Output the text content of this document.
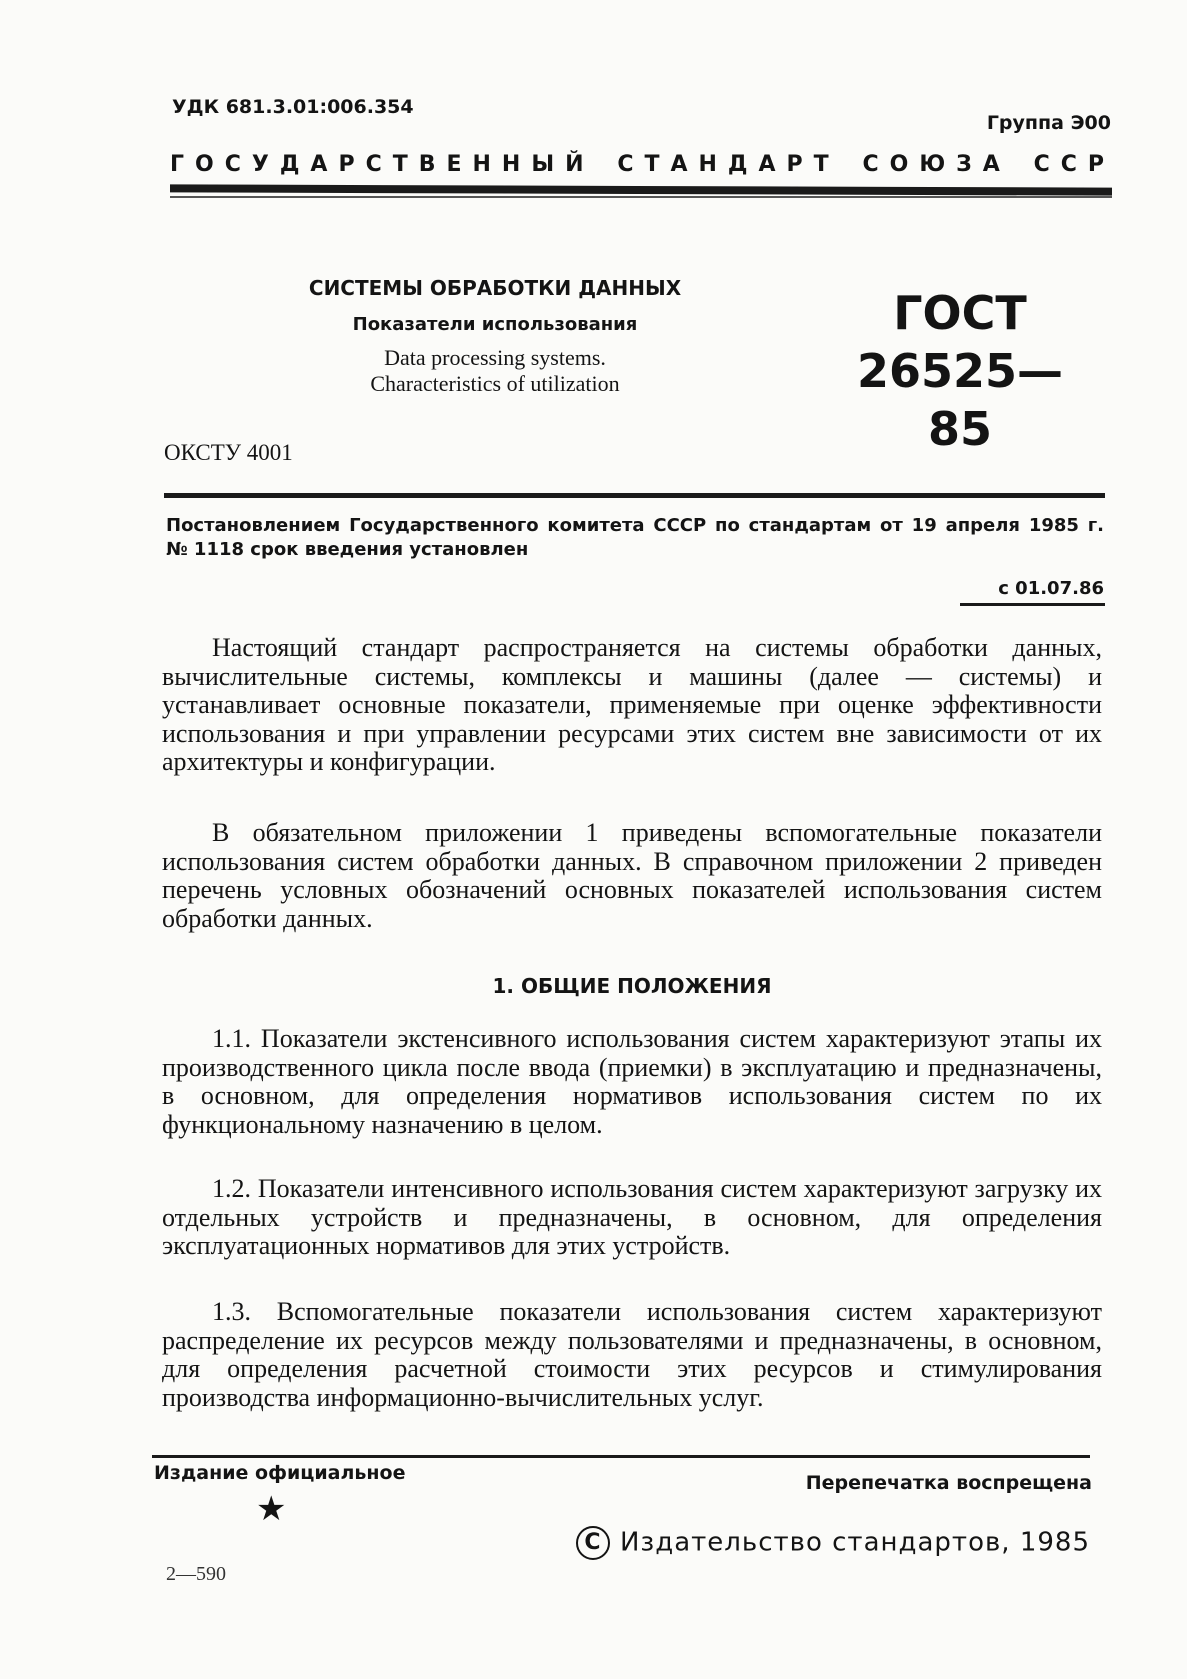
УДК 681.3.01:006.354
Группа Э00
ГОСУДАРСТВЕННЫЙ СТАНДАРТ СОЮЗА ССР
СИСТЕМЫ ОБРАБОТКИ ДАННЫХ
Показатели использования
Data processing systems.
Characteristics of utilization
ГОСТ
26525—85
ОКСТУ 4001
Постановлением Государственного комитета СССР по стандартам от 19 апреля 1985 г. № 1118 срок введения установлен
с 01.07.86

Настоящий стандарт распространяется на системы обработки данных, вычислительные системы, комплексы и машины (далее — системы) и устанавливает основные показатели, применяемые при оценке эффективности использования и при управлении ресурсами этих систем вне зависимости от их архитектуры и конфигурации.

В обязательном приложении 1 приведены вспомогательные показатели использования систем обработки данных. В справочном приложении 2 приведен перечень условных обозначений основных показателей использования систем обработки данных.

1. ОБЩИЕ ПОЛОЖЕНИЯ

1.1. Показатели экстенсивного использования систем характеризуют этапы их производственного цикла после ввода (приемки) в эксплуатацию и предназначены, в основном, для определения нормативов использования систем по их функциональному назначению в целом.

1.2. Показатели интенсивного использования систем характеризуют загрузку их отдельных устройств и предназначены, в основном, для определения эксплуатационных нормативов для этих устройств.

1.3. Вспомогательные показатели использования систем характеризуют распределение их ресурсов между пользователями и предназначены, в основном, для определения расчетной стоимости этих ресурсов и стимулирования производства информационно-вычислительных услуг.

Издание официальное	Перепечатка воспрещена
★
C Издательство стандартов, 1985
2—590
